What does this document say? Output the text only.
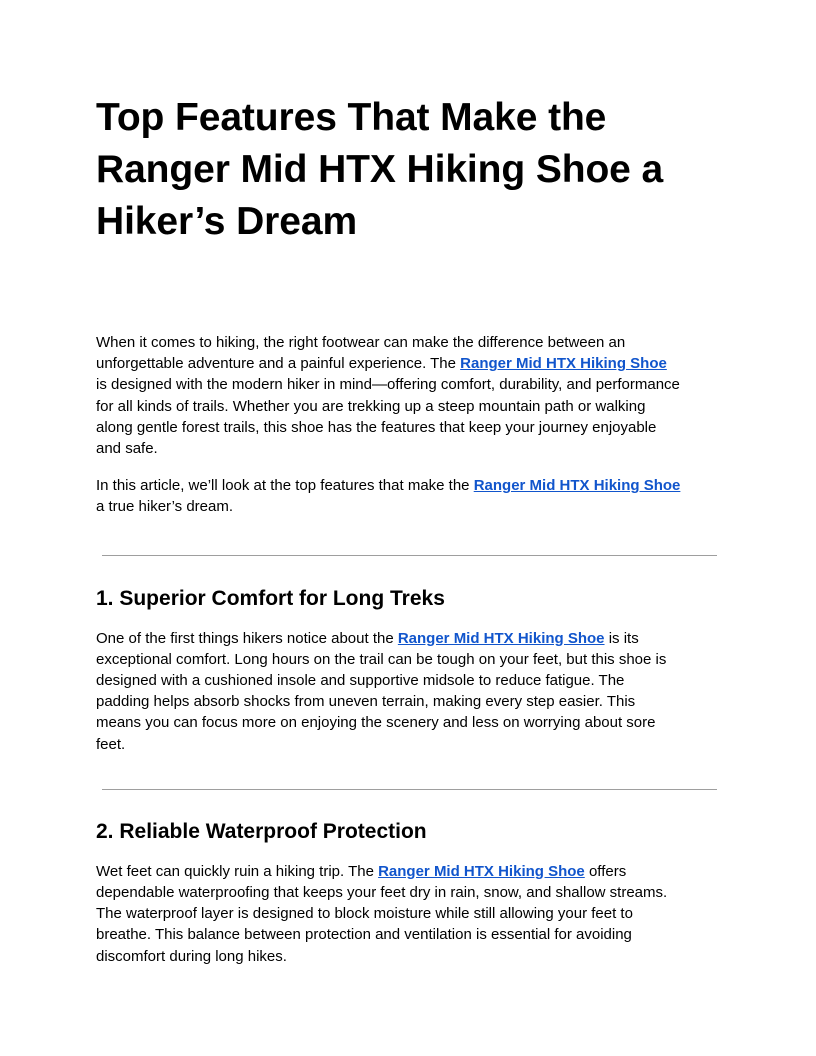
Top Features That Make the
Ranger Mid HTX Hiking Shoe a
Hiker’s Dream

When it comes to hiking, the right footwear can make the difference between an
unforgettable adventure and a painful experience. The Ranger Mid HTX Hiking Shoe
is designed with the modern hiker in mind—offering comfort, durability, and performance
for all kinds of trails. Whether you are trekking up a steep mountain path or walking
along gentle forest trails, this shoe has the features that keep your journey enjoyable
and safe.

In this article, we’ll look at the top features that make the Ranger Mid HTX Hiking Shoe
a true hiker’s dream.

1. Superior Comfort for Long Treks

One of the first things hikers notice about the Ranger Mid HTX Hiking Shoe is its
exceptional comfort. Long hours on the trail can be tough on your feet, but this shoe is
designed with a cushioned insole and supportive midsole to reduce fatigue. The
padding helps absorb shocks from uneven terrain, making every step easier. This
means you can focus more on enjoying the scenery and less on worrying about sore
feet.

2. Reliable Waterproof Protection

Wet feet can quickly ruin a hiking trip. The Ranger Mid HTX Hiking Shoe offers
dependable waterproofing that keeps your feet dry in rain, snow, and shallow streams.
The waterproof layer is designed to block moisture while still allowing your feet to
breathe. This balance between protection and ventilation is essential for avoiding
discomfort during long hikes.
